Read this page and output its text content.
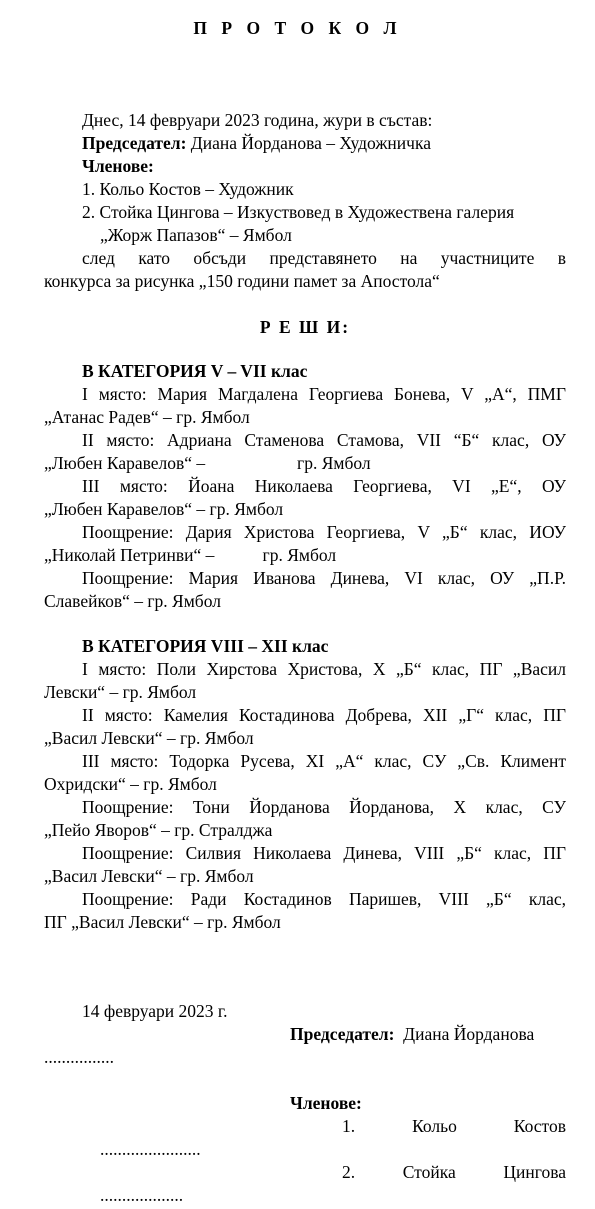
П Р О Т О К О Л
Днес, 14 февруари 2023 година, жури в състав:
Председател: Диана Йорданова – Художничка
Членове:
1. Кольо Костов – Художник
2. Стойка Цингова – Изкуствовед в Художествена галерия
„Жорж Папазов“ – Ямбол
след като обсъди представянето на участниците в
конкурса за рисунка „150 години памет за Апостола“
Р Е Ш И:
В КАТЕГОРИЯ V – VII клас
I място: Мария Магдалена Георгиева Бонева, V „А“, ПМГ
„Атанас Радев“ – гр. Ямбол
II място: Адриана Стаменова Стамова, VII “Б“ клас, ОУ
„Любен Каравелов“ –                     гр. Ямбол
III място: Йоана Николаева Георгиева, VI „Е“, ОУ
„Любен Каравелов“ – гр. Ямбол
Поощрение: Дария Христова Георгиева, V „Б“ клас, ИОУ
„Николай Петринви“ –           гр. Ямбол
Поощрение: Мария Иванова Динева, VI клас, ОУ „П.Р.
Славейков“ – гр. Ямбол
В КАТЕГОРИЯ VIII – XII клас
I място: Поли Хирстова Христова, X „Б“ клас, ПГ „Васил
Левски“ – гр. Ямбол
II място: Камелия Костадинова Добрева, XII „Г“ клас, ПГ
„Васил Левски“ – гр. Ямбол
III място: Тодорка Русева, XI „А“ клас, СУ „Св. Климент
Охридски“ – гр. Ямбол
Поощрение: Тони Йорданова Йорданова, X клас, СУ
„Пейо Яворов“ – гр. Стралджа
Поощрение: Силвия Николаева Динева, VIII „Б“ клас, ПГ
„Васил Левски“ – гр. Ямбол
Поощрение: Ради Костадинов Паришев, VIII „Б“ клас,
ПГ „Васил Левски“ – гр. Ямбол
14 февруари 2023 г.
Председател: Диана Йорданова
................
Членове:
1.	Кольо	Костов
.......................
2.	Стойка	Цингова
...................
